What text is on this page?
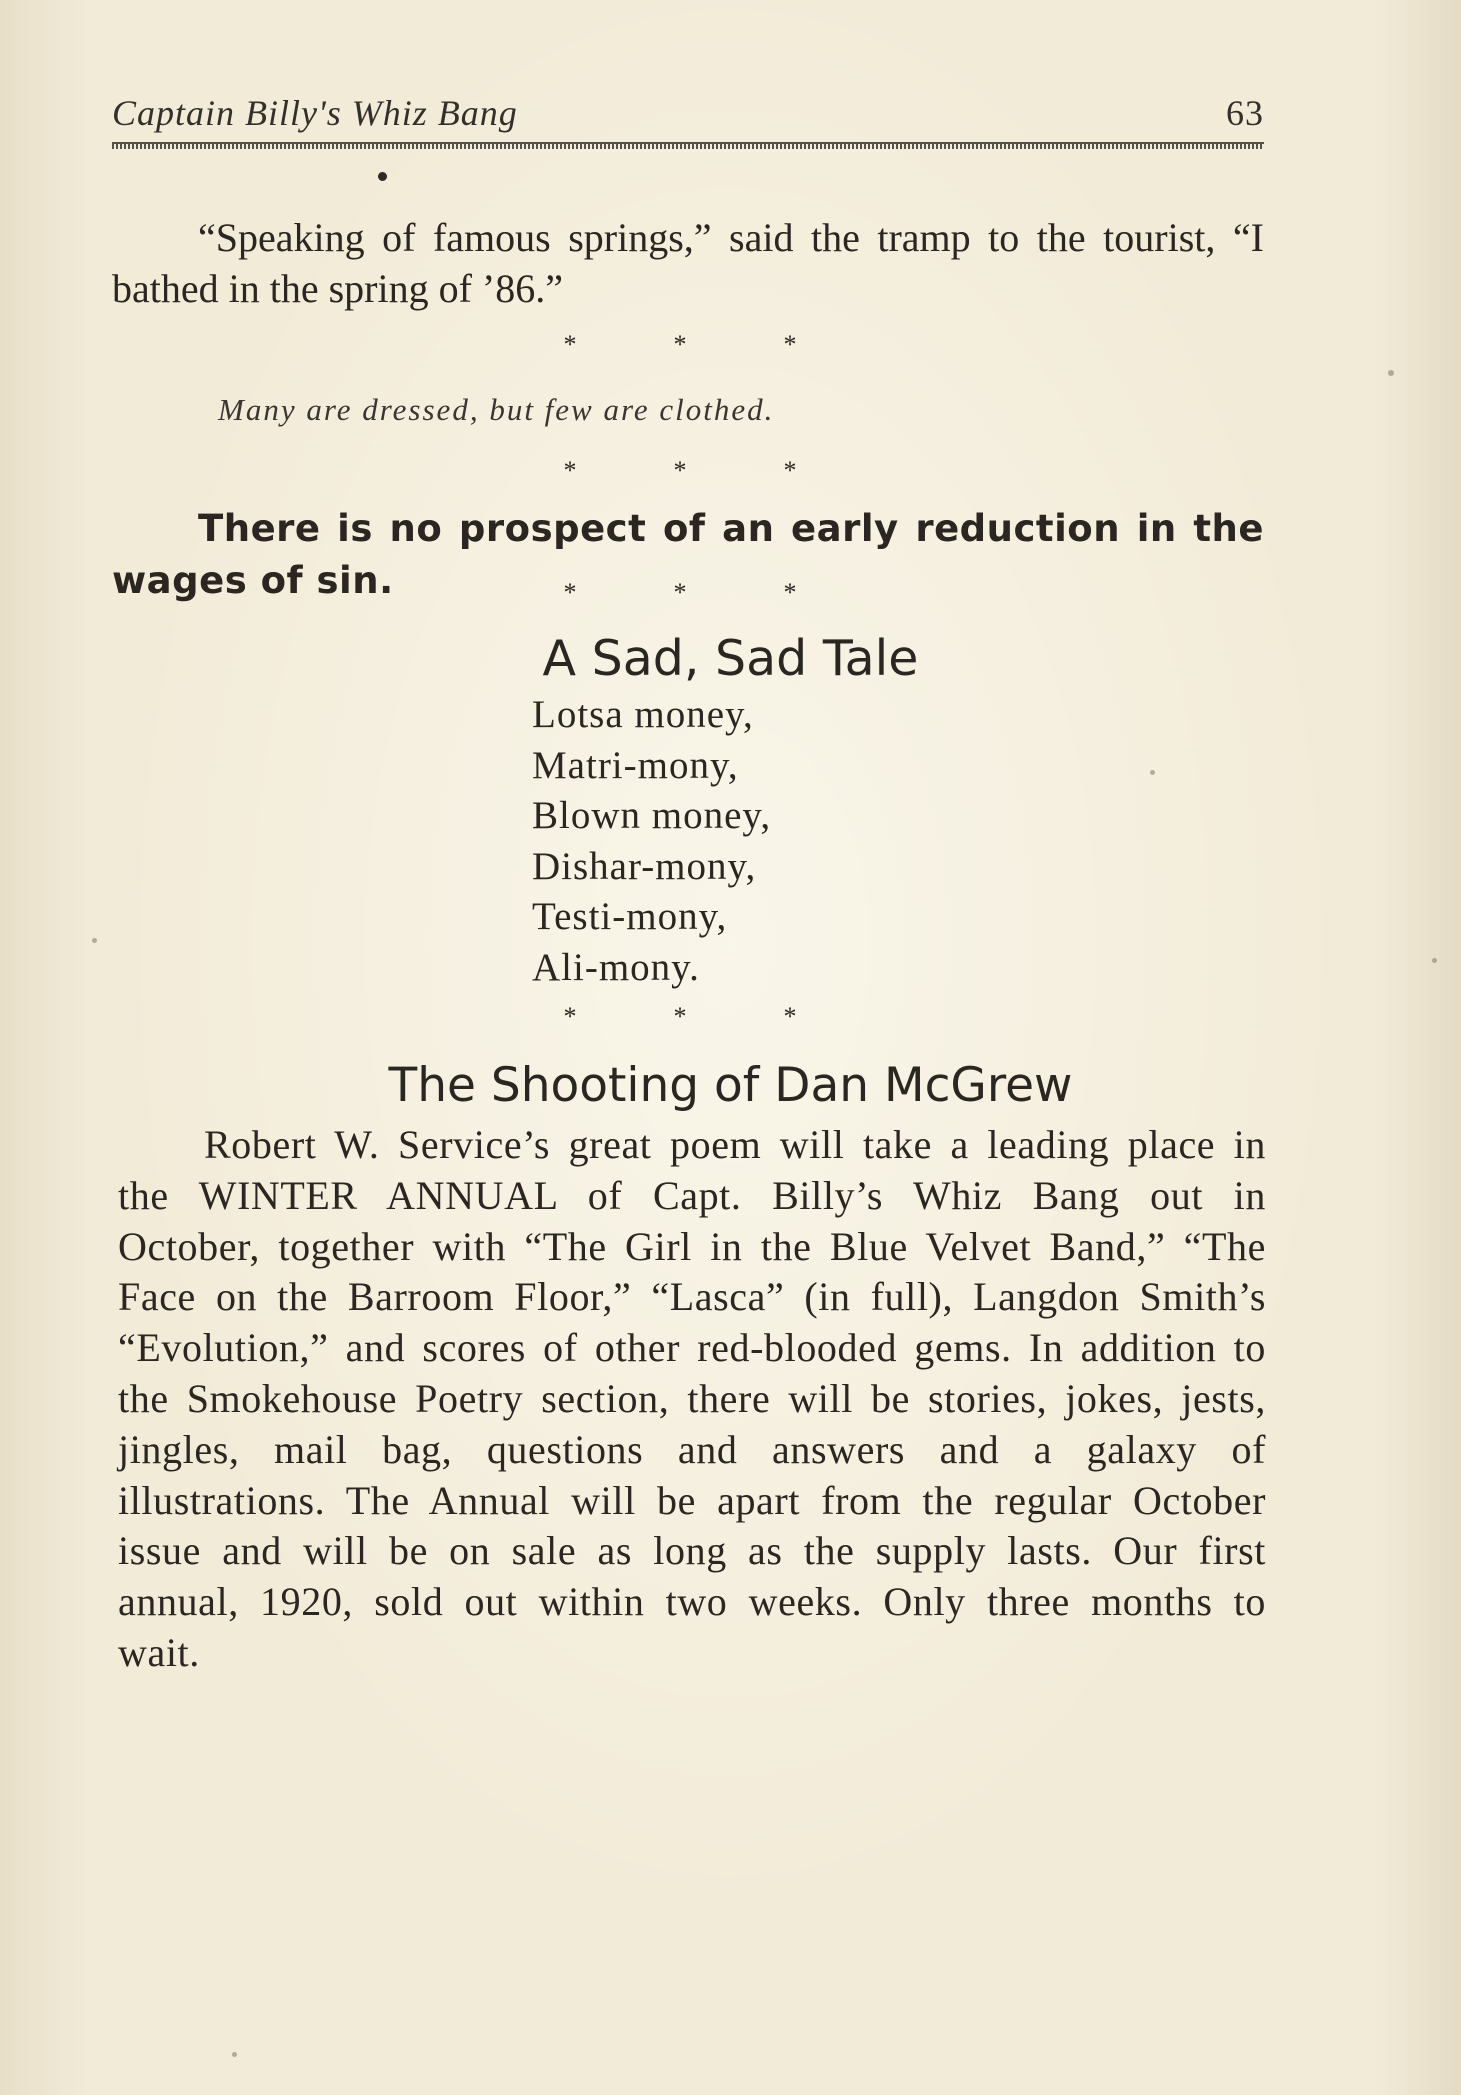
Captain Billy's Whiz Bang	63
“Speaking of famous springs,” said the tramp to the tourist, “I bathed in the spring of ’86.”
*	*	*
Many are dressed, but few are clothed.
*	*	*
There is no prospect of an early reduction in the wages of sin.	*	*	*
A Sad, Sad Tale
Lotsa money,
Matri-mony,
Blown money,
Dishar-mony,
Testi-mony,
Ali-mony.
*	*	*
The Shooting of Dan McGrew
Robert W. Service’s great poem will take a leading place in the WINTER ANNUAL of Capt. Billy’s Whiz Bang out in October, together with “The Girl in the Blue Velvet Band,” “The Face on the Barroom Floor,” “Lasca” (in full), Langdon Smith’s “Evolution,” and scores of other red-blooded gems. In addition to the Smokehouse Poetry section, there will be stories, jokes, jests, jingles, mail bag, questions and answers and a galaxy of illustrations. The Annual will be apart from the regular October issue and will be on sale as long as the supply lasts. Our first annual, 1920, sold out within two weeks. Only three months to wait.
